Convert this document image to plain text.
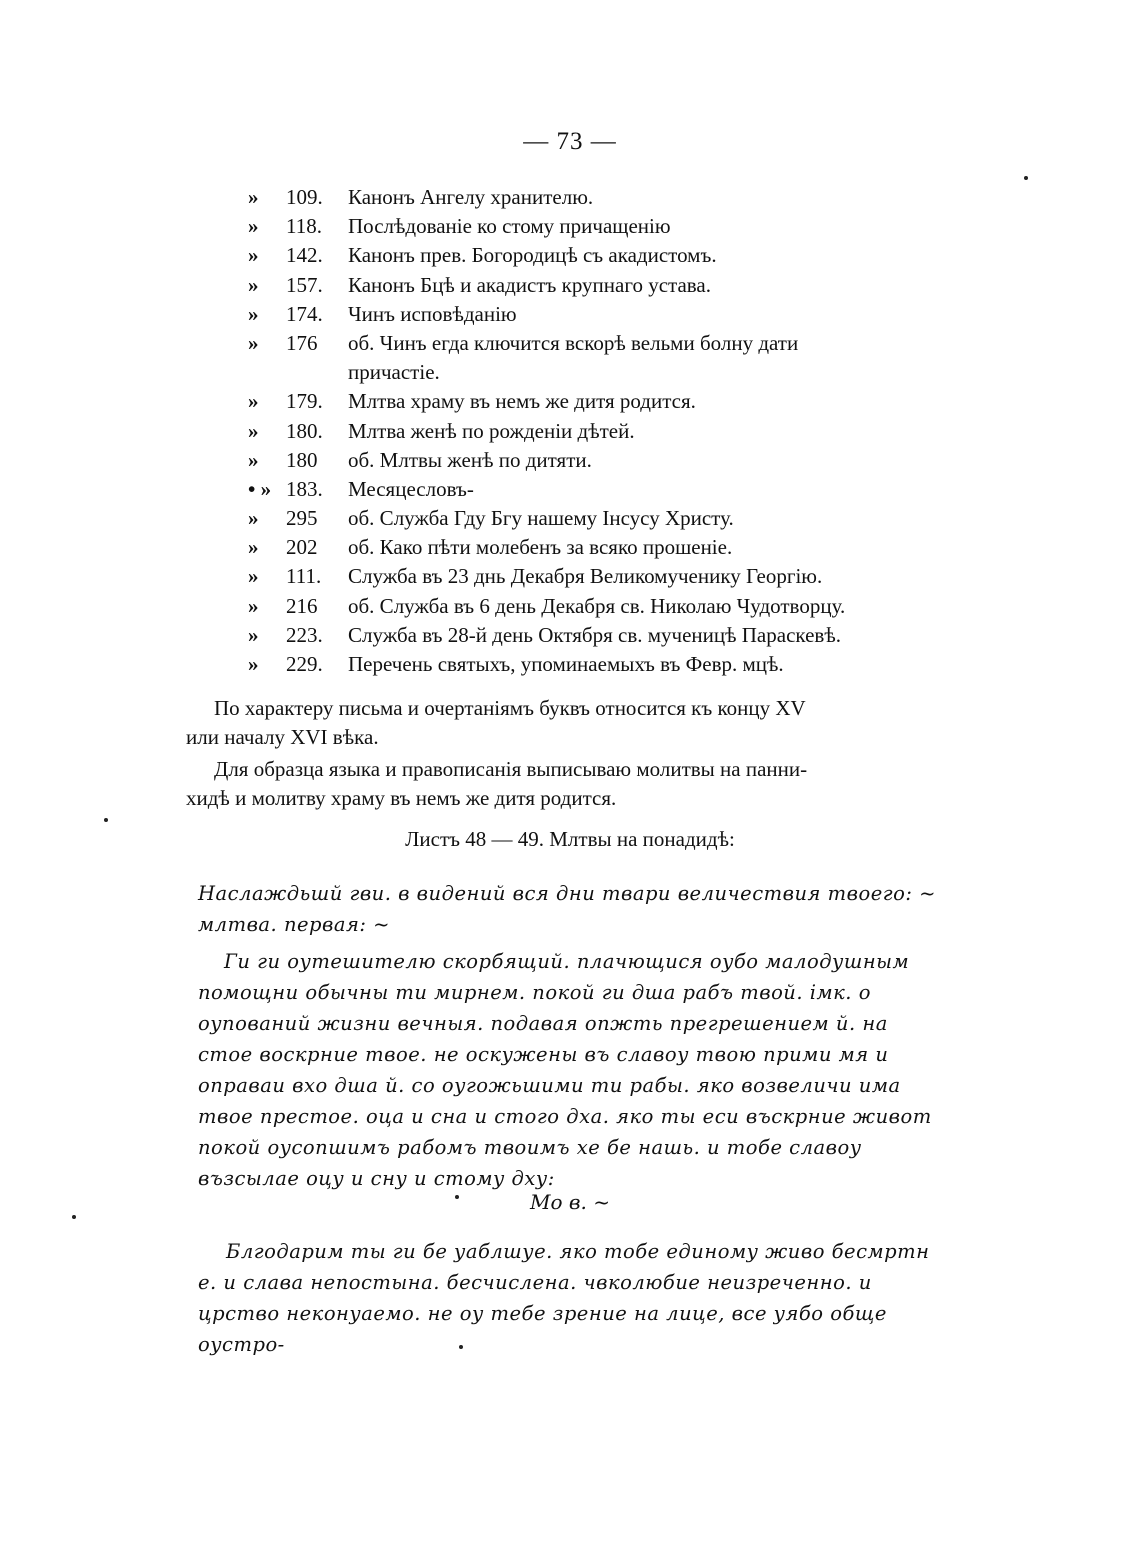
— 73 —
»	109.	Канонъ Ангелу хранителю.
»	118.	Послѣдованіе ко стому причащенію
»	142.	Канонъ прев. Богородицѣ съ акадистомъ.
»	157.	Канонъ Бцѣ и акадистъ крупнаго устава.
»	174.	Чинъ исповѣданію
»	176	об. Чинъ егда ключится вскорѣ вельми болну дати
причастіе.
»	179.	Млтва храму въ немъ же дитя родится.
»	180.	Млтва женѣ по рожденіи дѣтей.
»	180	об. Млтвы женѣ по дитяти.
• » 183.	Месяцесловъ-
»	295	об. Служба Гду Бгу нашему Інсусу Христу.
»	202	об. Како пѣти молебенъ за всяко прошеніе.
»	111.	Служба въ 23 днь Декабря Великомученику Георгію.
»	216	об. Служба въ 6 день Декабря св. Николаю Чудотворцу.
»	223.	Служба въ 28-й день Октября св. мученицѣ Параскевѣ.
»	229.	Перечень святыхъ, упоминаемыхъ въ Февр. мцѣ.
По характеру письма и очертаніямъ буквъ относится къ концу XV
или началу XVI вѣка.
Для образца языка и правописанія выписываю молитвы на панни-
хидѣ и молитву храму въ немъ же дитя родится.
Листъ 48 — 49. Млтвы на понадидѣ:
Наслаждьшй гви. в видений вся дни твари величествия твоего: ~ млтва. первая: ~
Ги ги оутешителю скорбящий. плачющися оубо малодушным помощни обычны ти мирнем. покой ги дша рабъ твой. імк. о оупований жизни вечныя. подавая опжть прегрешением й. на стое воскрние твое. не оскужены въ славоу твою прими мя и оправаи вхо дша й. со оугожьшими ти рабы. яко возвеличи има твое престое. оца и сна и стого дха. яко ты еси въскрние живот покой оусопшимъ рабомъ твоимъ хе бе нашь. и тобе славоу възсылае оцу и сну и стому дху:
Мо в. ~
Блгодарим ты ги бе уаблшуе. яко тобе единому живо бесмртн е. и слава непостына. бесчислена. чвколюбие неизреченно. и црство неконуаемо. не оу тебе зрение на лице, все уябо обще оустро-
